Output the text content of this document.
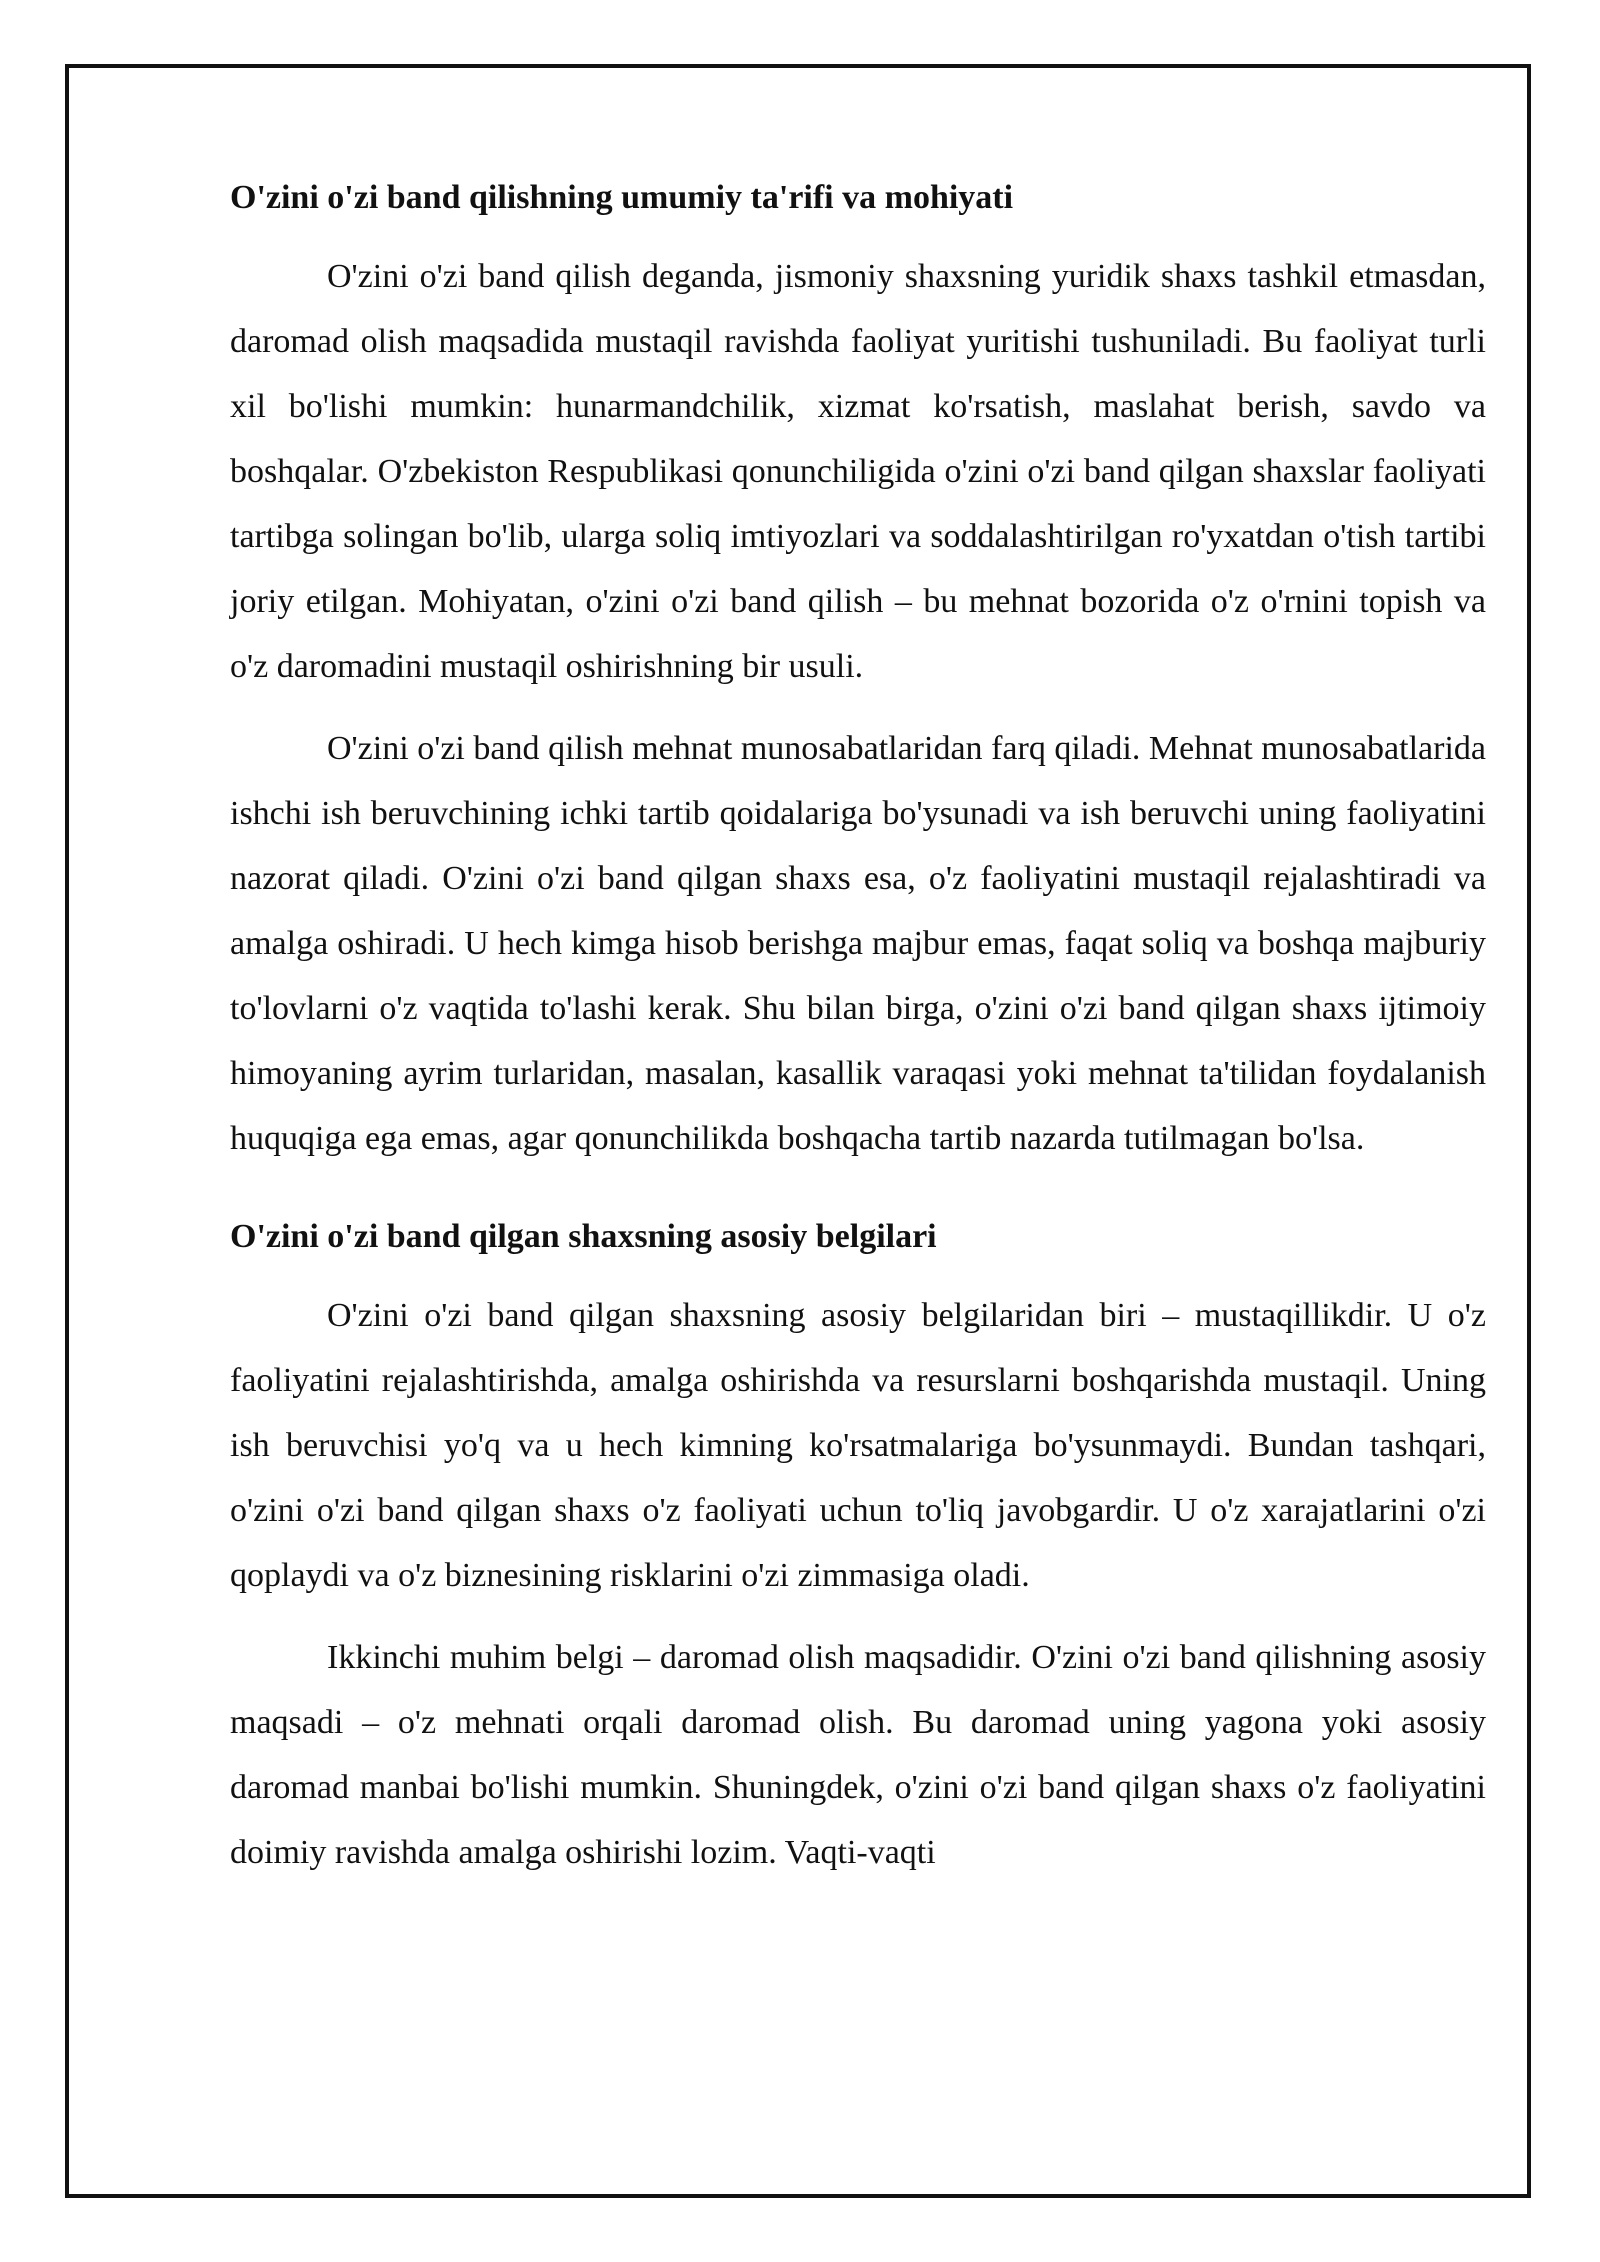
O'zini o'zi band qilishning umumiy ta'rifi va mohiyati

O'zini o'zi band qilish deganda, jismoniy shaxsning yuridik shaxs tashkil etmasdan, daromad olish maqsadida mustaqil ravishda faoliyat yuritishi tushuniladi. Bu faoliyat turli xil bo'lishi mumkin: hunarmandchilik, xizmat ko'rsatish, maslahat berish, savdo va boshqalar. O'zbekiston Respublikasi qonunchiligida o'zini o'zi band qilgan shaxslar faoliyati tartibga solingan bo'lib, ularga soliq imtiyozlari va soddalashtirilgan ro'yxatdan o'tish tartibi joriy etilgan. Mohiyatan, o'zini o'zi band qilish – bu mehnat bozorida o'z o'rnini topish va o'z daromadini mustaqil oshirishning bir usuli.

O'zini o'zi band qilish mehnat munosabatlaridan farq qiladi. Mehnat munosabatlarida ishchi ish beruvchining ichki tartib qoidalariga bo'ysunadi va ish beruvchi uning faoliyatini nazorat qiladi. O'zini o'zi band qilgan shaxs esa, o'z faoliyatini mustaqil rejalashtiradi va amalga oshiradi. U hech kimga hisob berishga majbur emas, faqat soliq va boshqa majburiy to'lovlarni o'z vaqtida to'lashi kerak. Shu bilan birga, o'zini o'zi band qilgan shaxs ijtimoiy himoyaning ayrim turlaridan, masalan, kasallik varaqasi yoki mehnat ta'tilidan foydalanish huquqiga ega emas, agar qonunchilikda boshqacha tartib nazarda tutilmagan bo'lsa.

O'zini o'zi band qilgan shaxsning asosiy belgilari

O'zini o'zi band qilgan shaxsning asosiy belgilaridan biri – mustaqillikdir. U o'z faoliyatini rejalashtirishda, amalga oshirishda va resurslarni boshqarishda mustaqil. Uning ish beruvchisi yo'q va u hech kimning ko'rsatmalariga bo'ysunmaydi. Bundan tashqari, o'zini o'zi band qilgan shaxs o'z faoliyati uchun to'liq javobgardir. U o'z xarajatlarini o'zi qoplaydi va o'z biznesining risklarini o'zi zimmasiga oladi.

Ikkinchi muhim belgi – daromad olish maqsadidir. O'zini o'zi band qilishning asosiy maqsadi – o'z mehnati orqali daromad olish. Bu daromad uning yagona yoki asosiy daromad manbai bo'lishi mumkin. Shuningdek, o'zini o'zi band qilgan shaxs o'z faoliyatini doimiy ravishda amalga oshirishi lozim. Vaqti-vaqti
